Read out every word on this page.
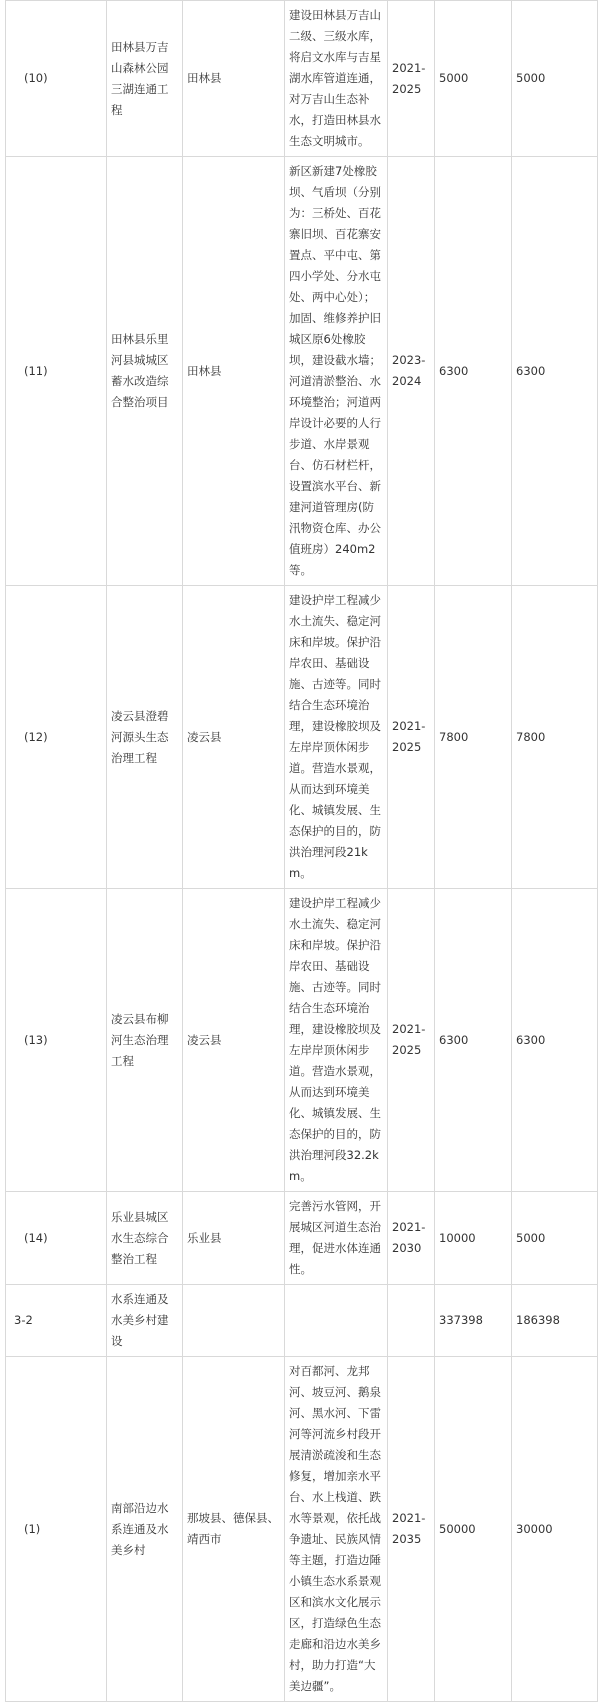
(10)	田林县万吉山森林公园三湖连通工程	田林县	建设田林县万吉山二级、三级水库，将启文水库与吉星湖水库管道连通，对万吉山生态补水，打造田林县水生态文明城市。	2021-2025	5000	5000
(11)	田林县乐里河县城城区蓄水改造综合整治项目	田林县	新区新建7处橡胶坝、气盾坝（分别为：三桥处、百花寨旧坝、百花寨安置点、平中屯、第四小学处、分水屯处、两中心处）；加固、维修养护旧城区原6处橡胶坝，建设截水墙；河道清淤整治、水环境整治；河道两岸设计必要的人行步道、水岸景观台、仿石材栏杆，设置滨水平台、新建河道管理房(防汛物资仓库、办公值班房）240m2等。	2023-2024	6300	6300
(12)	凌云县澄碧河源头生态治理工程	凌云县	建设护岸工程减少水土流失、稳定河床和岸坡。保护沿岸农田、基础设施、古迹等。同时结合生态环境治理，建设橡胶坝及左岸岸顶休闲步道。营造水景观，从而达到环境美化、城镇发展、生态保护的目的，防洪治理河段21km。	2021-2025	7800	7800
(13)	凌云县布柳河生态治理工程	凌云县	建设护岸工程减少水土流失、稳定河床和岸坡。保护沿岸农田、基础设施、古迹等。同时结合生态环境治理，建设橡胶坝及左岸岸顶休闲步道。营造水景观，从而达到环境美化、城镇发展、生态保护的目的，防洪治理河段32.2km。	2021-2025	6300	6300
(14)	乐业县城区水生态综合整治工程	乐业县	完善污水管网，开展城区河道生态治理，促进水体连通性。	2021-2030	10000	5000
3-2	水系连通及水美乡村建设				337398	186398
(1)	南部沿边水系连通及水美乡村	那坡县、德保县、靖西市	对百都河、龙邦河、坡豆河、鹅泉河、黑水河、下雷河等河流乡村段开展清淤疏浚和生态修复，增加亲水平台、水上栈道、跌水等景观，依托战争遗址、民族风情等主题，打造边陲小镇生态水系景观区和滨水文化展示区，打造绿色生态走廊和沿边水美乡村，助力打造“大美边疆”。	2021-2035	50000	30000
